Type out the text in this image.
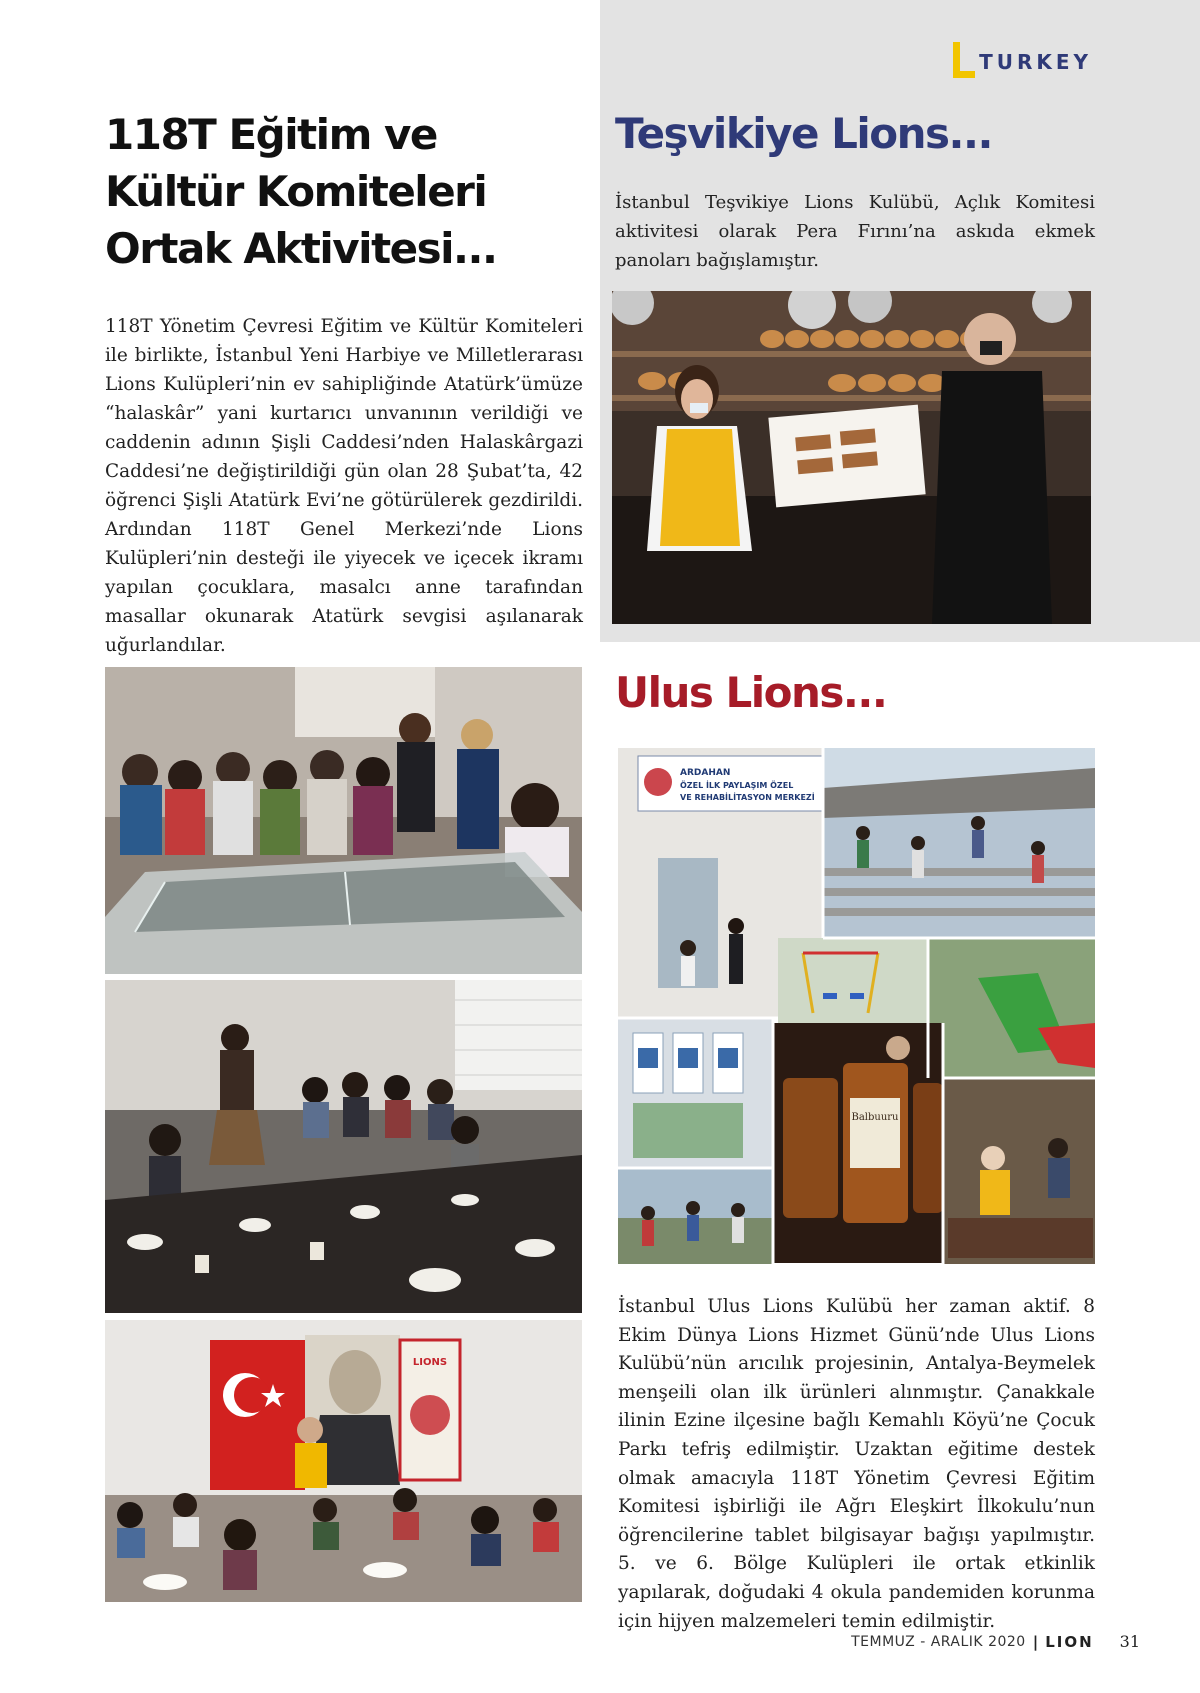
TURKEY
118T Eğitim ve Kültür Komiteleri Ortak Aktivitesi...

118T Yönetim Çevresi Eğitim ve Kültür Komiteleri ile birlikte, İstanbul Yeni Harbiye ve Milletlerarası Lions Kulüpleri’nin ev sahipliğinde Atatürk’ümüze “halaskâr” yani kurtarıcı unvanının verildiği ve caddenin adının Şişli Caddesi’nden Halaskârgazi Caddesi’ne değiştirildiği gün olan 28 Şubat’ta, 42 öğrenci Şişli Atatürk Evi’ne götürülerek gezdirildi. Ardından 118T Genel Merkezi’nde Lions Kulüpleri’nin desteği ile yiyecek ve içecek ikramı yapılan çocuklara, masalcı anne tarafından masallar okunarak Atatürk sevgisi aşılanarak uğurlandılar.

LIONS
Teşvikiye Lions...

İstanbul Teşvikiye Lions Kulübü, Açlık Komitesi aktivitesi olarak Pera Fırını’na askıda ekmek panoları bağışlamıştır.

Ulus Lions...
ARDAHAN
ÖZEL İLK PAYLAŞIM ÖZEL
VE REHABİLİTASYON MERKEZİ
Balbuuru

İstanbul Ulus Lions Kulübü her zaman aktif. 8 Ekim Dünya Lions Hizmet Günü’nde Ulus Lions Kulübü’nün arıcılık projesinin, Antalya-Beymelek menşeili olan ilk ürünleri alınmıştır. Çanakkale ilinin Ezine ilçesine bağlı Kemahlı Köyü’ne Çocuk Parkı tefriş edilmiştir. Uzaktan eğitime destek olmak amacıyla 118T Yönetim Çevresi Eğitim Komitesi işbirliği ile Ağrı Eleşkirt İlkokulu’nun öğrencilerine tablet bilgisayar bağışı yapılmıştır. 5. ve 6. Bölge Kulüpleri ile ortak etkinlik yapılarak, doğudaki 4 okula pandemiden korunma için hijyen malzemeleri temin edilmiştir.

TEMMUZ - ARALIK 2020 | LION 31
